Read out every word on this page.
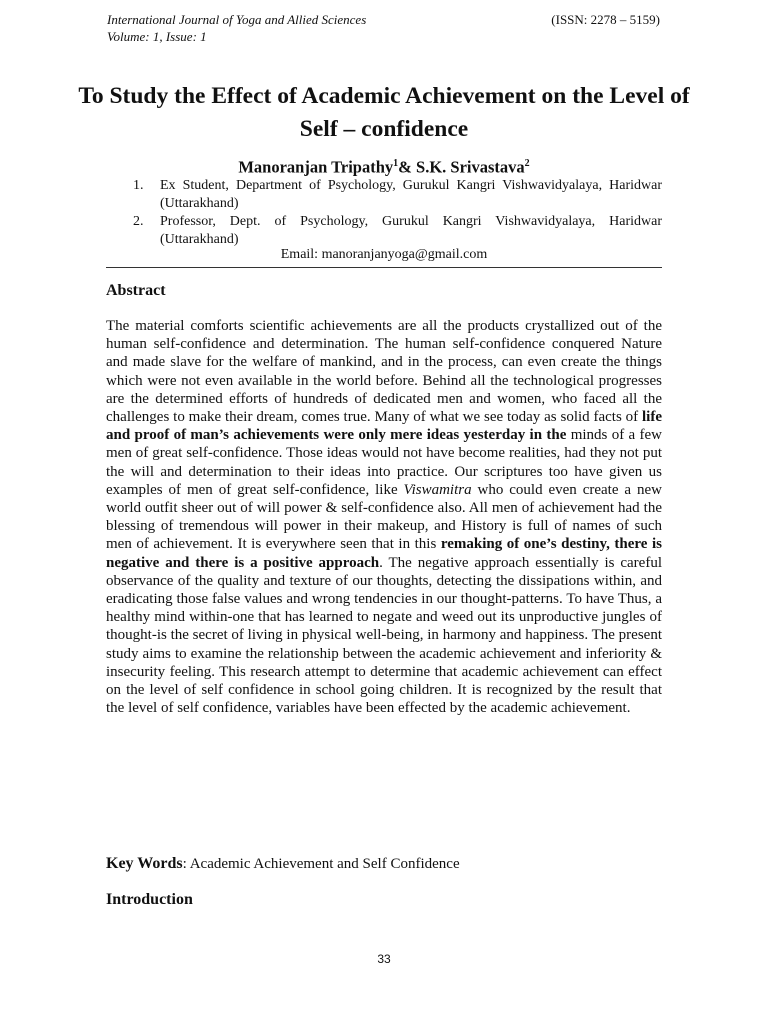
International Journal of Yoga and Allied Sciences
Volume: 1, Issue: 1
(ISSN: 2278 – 5159)
To Study the Effect of Academic Achievement on the Level of Self – confidence
Manoranjan Tripathy$^1$& S.K. Srivastava$^2$
1. Ex Student, Department of Psychology, Gurukul Kangri Vishwavidyalaya, Haridwar (Uttarakhand)
2. Professor, Dept. of Psychology, Gurukul Kangri Vishwavidyalaya, Haridwar (Uttarakhand)
Email: manoranjanyoga@gmail.com
Abstract

The material comforts scientific achievements are all the products crystallized out of the human self-confidence and determination. The human self-confidence conquered Nature and made slave for the welfare of mankind, and in the process, can even create the things which were not even available in the world before. Behind all the technological progresses are the determined efforts of hundreds of dedicated men and women, who faced all the challenges to make their dream, comes true. Many of what we see today as solid facts of life and proof of man’s achievements were only mere ideas yesterday in the minds of a few men of great self-confidence. Those ideas would not have become realities, had they not put the will and determination to their ideas into practice. Our scriptures too have given us examples of men of great self-confidence, like Viswamitra who could even create a new world outfit sheer out of will power & self-confidence also. All men of achievement had the blessing of tremendous will power in their makeup, and History is full of names of such men of achievement. It is everywhere seen that in this remaking of one’s destiny, there is negative and there is a positive approach. The negative approach essentially is careful observance of the quality and texture of our thoughts, detecting the dissipations within, and eradicating those false values and wrong tendencies in our thought-patterns. To have Thus, a healthy mind within-one that has learned to negate and weed out its unproductive jungles of thought-is the secret of living in physical well-being, in harmony and happiness. The present study aims to examine the relationship between the academic achievement and inferiority & insecurity feeling. This research attempt to determine that academic achievement can effect on the level of self confidence in school going children. It is recognized by the result that the level of self confidence, variables have been effected by the academic achievement.

Key Words: Academic Achievement and Self Confidence

Introduction
33
